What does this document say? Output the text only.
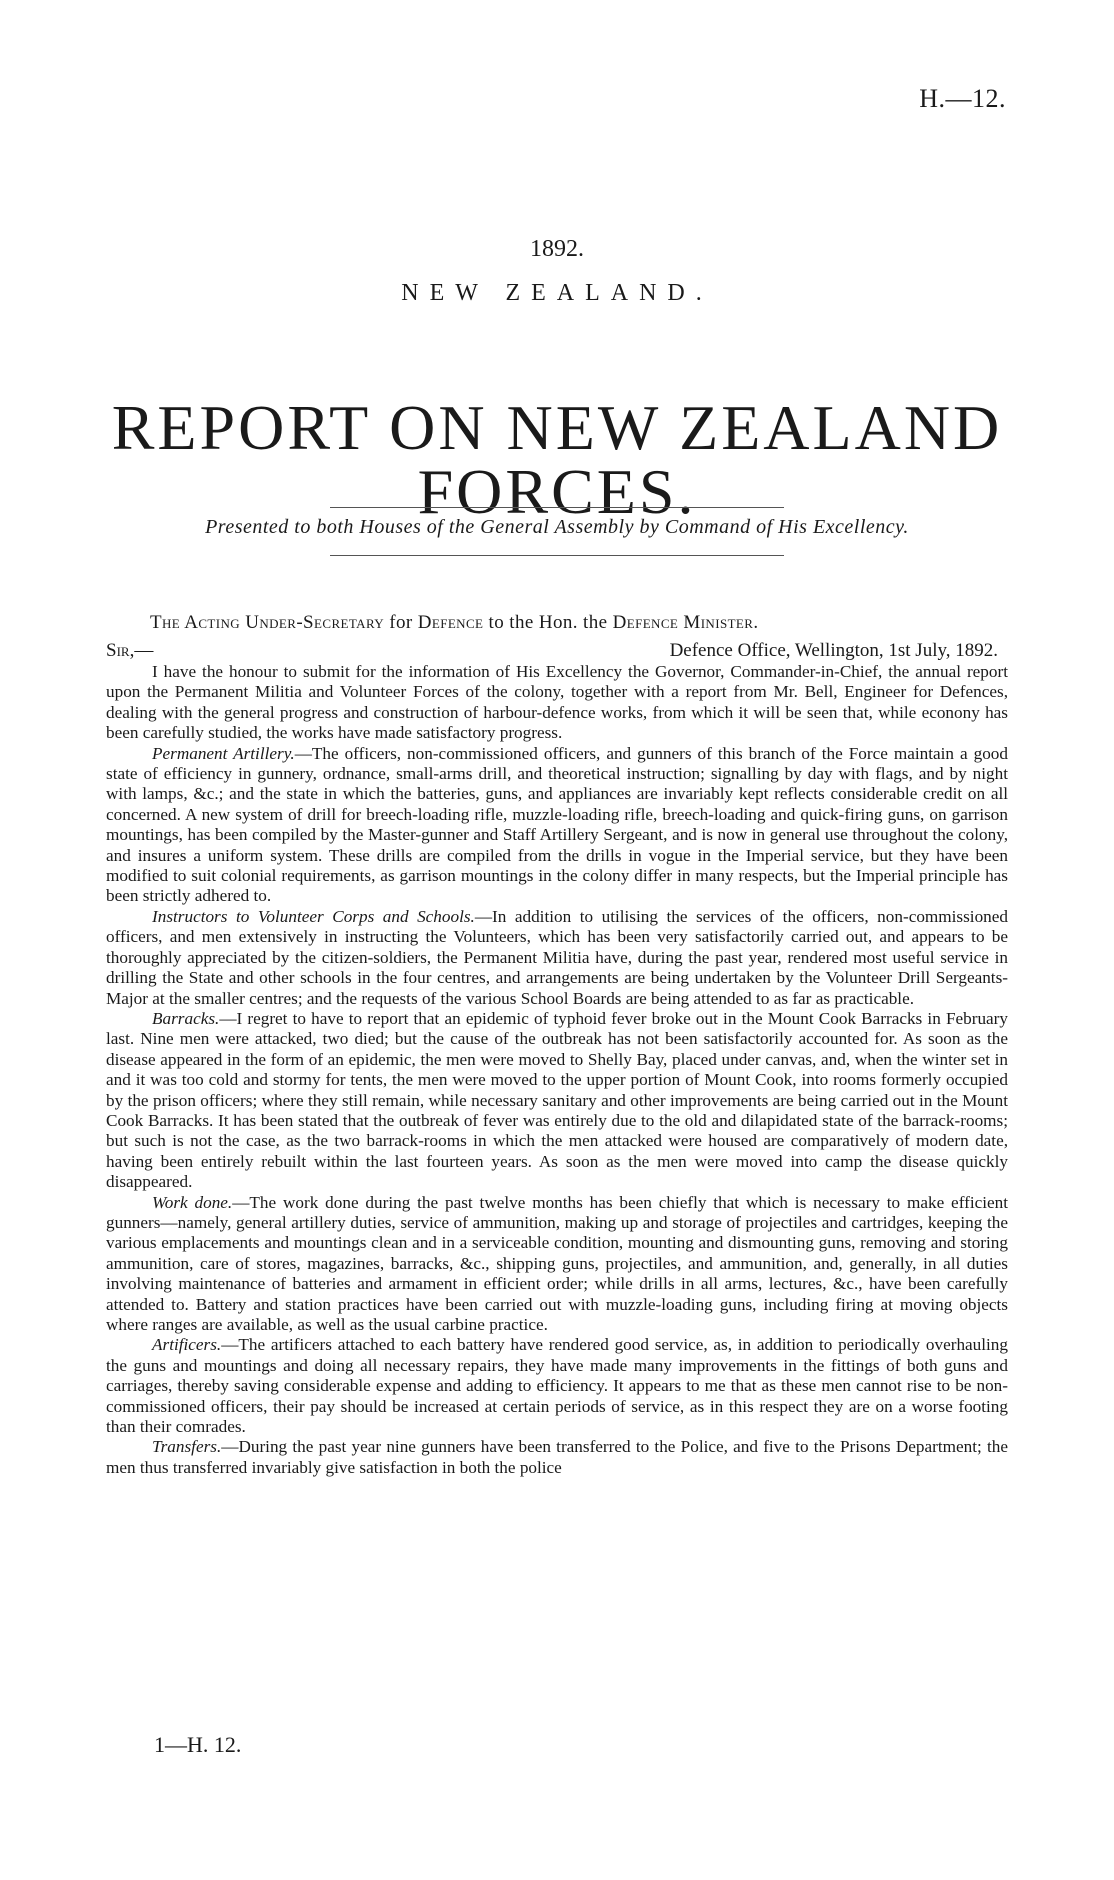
H.—12.
1892.
NEW ZEALAND.
REPORT ON NEW ZEALAND FORCES.
Presented to both Houses of the General Assembly by Command of His Excellency.
The Acting Under-Secretary for Defence to the Hon. the Defence Minister.
Sir,—	Defence Office, Wellington, 1st July, 1892.

I have the honour to submit for the information of His Excellency the Governor, Commander-in-Chief, the annual report upon the Permanent Militia and Volunteer Forces of the colony, together with a report from Mr. Bell, Engineer for Defences, dealing with the general progress and construction of harbour-defence works, from which it will be seen that, while econony has been carefully studied, the works have made satisfactory progress.

Permanent Artillery.—The officers, non-commissioned officers, and gunners of this branch of the Force maintain a good state of efficiency in gunnery, ordnance, small-arms drill, and theoretical instruction; signalling by day with flags, and by night with lamps, &c.; and the state in which the batteries, guns, and appliances are invariably kept reflects considerable credit on all concerned. A new system of drill for breech-loading rifle, muzzle-loading rifle, breech-loading and quick-firing guns, on garrison mountings, has been compiled by the Master-gunner and Staff Artillery Sergeant, and is now in general use throughout the colony, and insures a uniform system. These drills are compiled from the drills in vogue in the Imperial service, but they have been modified to suit colonial requirements, as garrison mountings in the colony differ in many respects, but the Imperial principle has been strictly adhered to.

Instructors to Volunteer Corps and Schools.—In addition to utilising the services of the officers, non-commissioned officers, and men extensively in instructing the Volunteers, which has been very satisfactorily carried out, and appears to be thoroughly appreciated by the citizen-soldiers, the Permanent Militia have, during the past year, rendered most useful service in drilling the State and other schools in the four centres, and arrangements are being undertaken by the Volunteer Drill Sergeants-Major at the smaller centres; and the requests of the various School Boards are being attended to as far as practicable.

Barracks.—I regret to have to report that an epidemic of typhoid fever broke out in the Mount Cook Barracks in February last. Nine men were attacked, two died; but the cause of the outbreak has not been satisfactorily accounted for. As soon as the disease appeared in the form of an epidemic, the men were moved to Shelly Bay, placed under canvas, and, when the winter set in and it was too cold and stormy for tents, the men were moved to the upper portion of Mount Cook, into rooms formerly occupied by the prison officers; where they still remain, while necessary sanitary and other improvements are being carried out in the Mount Cook Barracks. It has been stated that the outbreak of fever was entirely due to the old and dilapidated state of the barrack-rooms; but such is not the case, as the two barrack-rooms in which the men attacked were housed are comparatively of modern date, having been entirely rebuilt within the last fourteen years. As soon as the men were moved into camp the disease quickly disappeared.

Work done.—The work done during the past twelve months has been chiefly that which is necessary to make efficient gunners—namely, general artillery duties, service of ammunition, making up and storage of projectiles and cartridges, keeping the various emplacements and mountings clean and in a serviceable condition, mounting and dismounting guns, removing and storing ammunition, care of stores, magazines, barracks, &c., shipping guns, projectiles, and ammunition, and, generally, in all duties involving maintenance of batteries and armament in efficient order; while drills in all arms, lectures, &c., have been carefully attended to. Battery and station practices have been carried out with muzzle-loading guns, including firing at moving objects where ranges are available, as well as the usual carbine practice.

Artificers.—The artificers attached to each battery have rendered good service, as, in addition to periodically overhauling the guns and mountings and doing all necessary repairs, they have made many improvements in the fittings of both guns and carriages, thereby saving considerable expense and adding to efficiency. It appears to me that as these men cannot rise to be non-commissioned officers, their pay should be increased at certain periods of service, as in this respect they are on a worse footing than their comrades.

Transfers.—During the past year nine gunners have been transferred to the Police, and five to the Prisons Department; the men thus transferred invariably give satisfaction in both the police

1—H. 12.
